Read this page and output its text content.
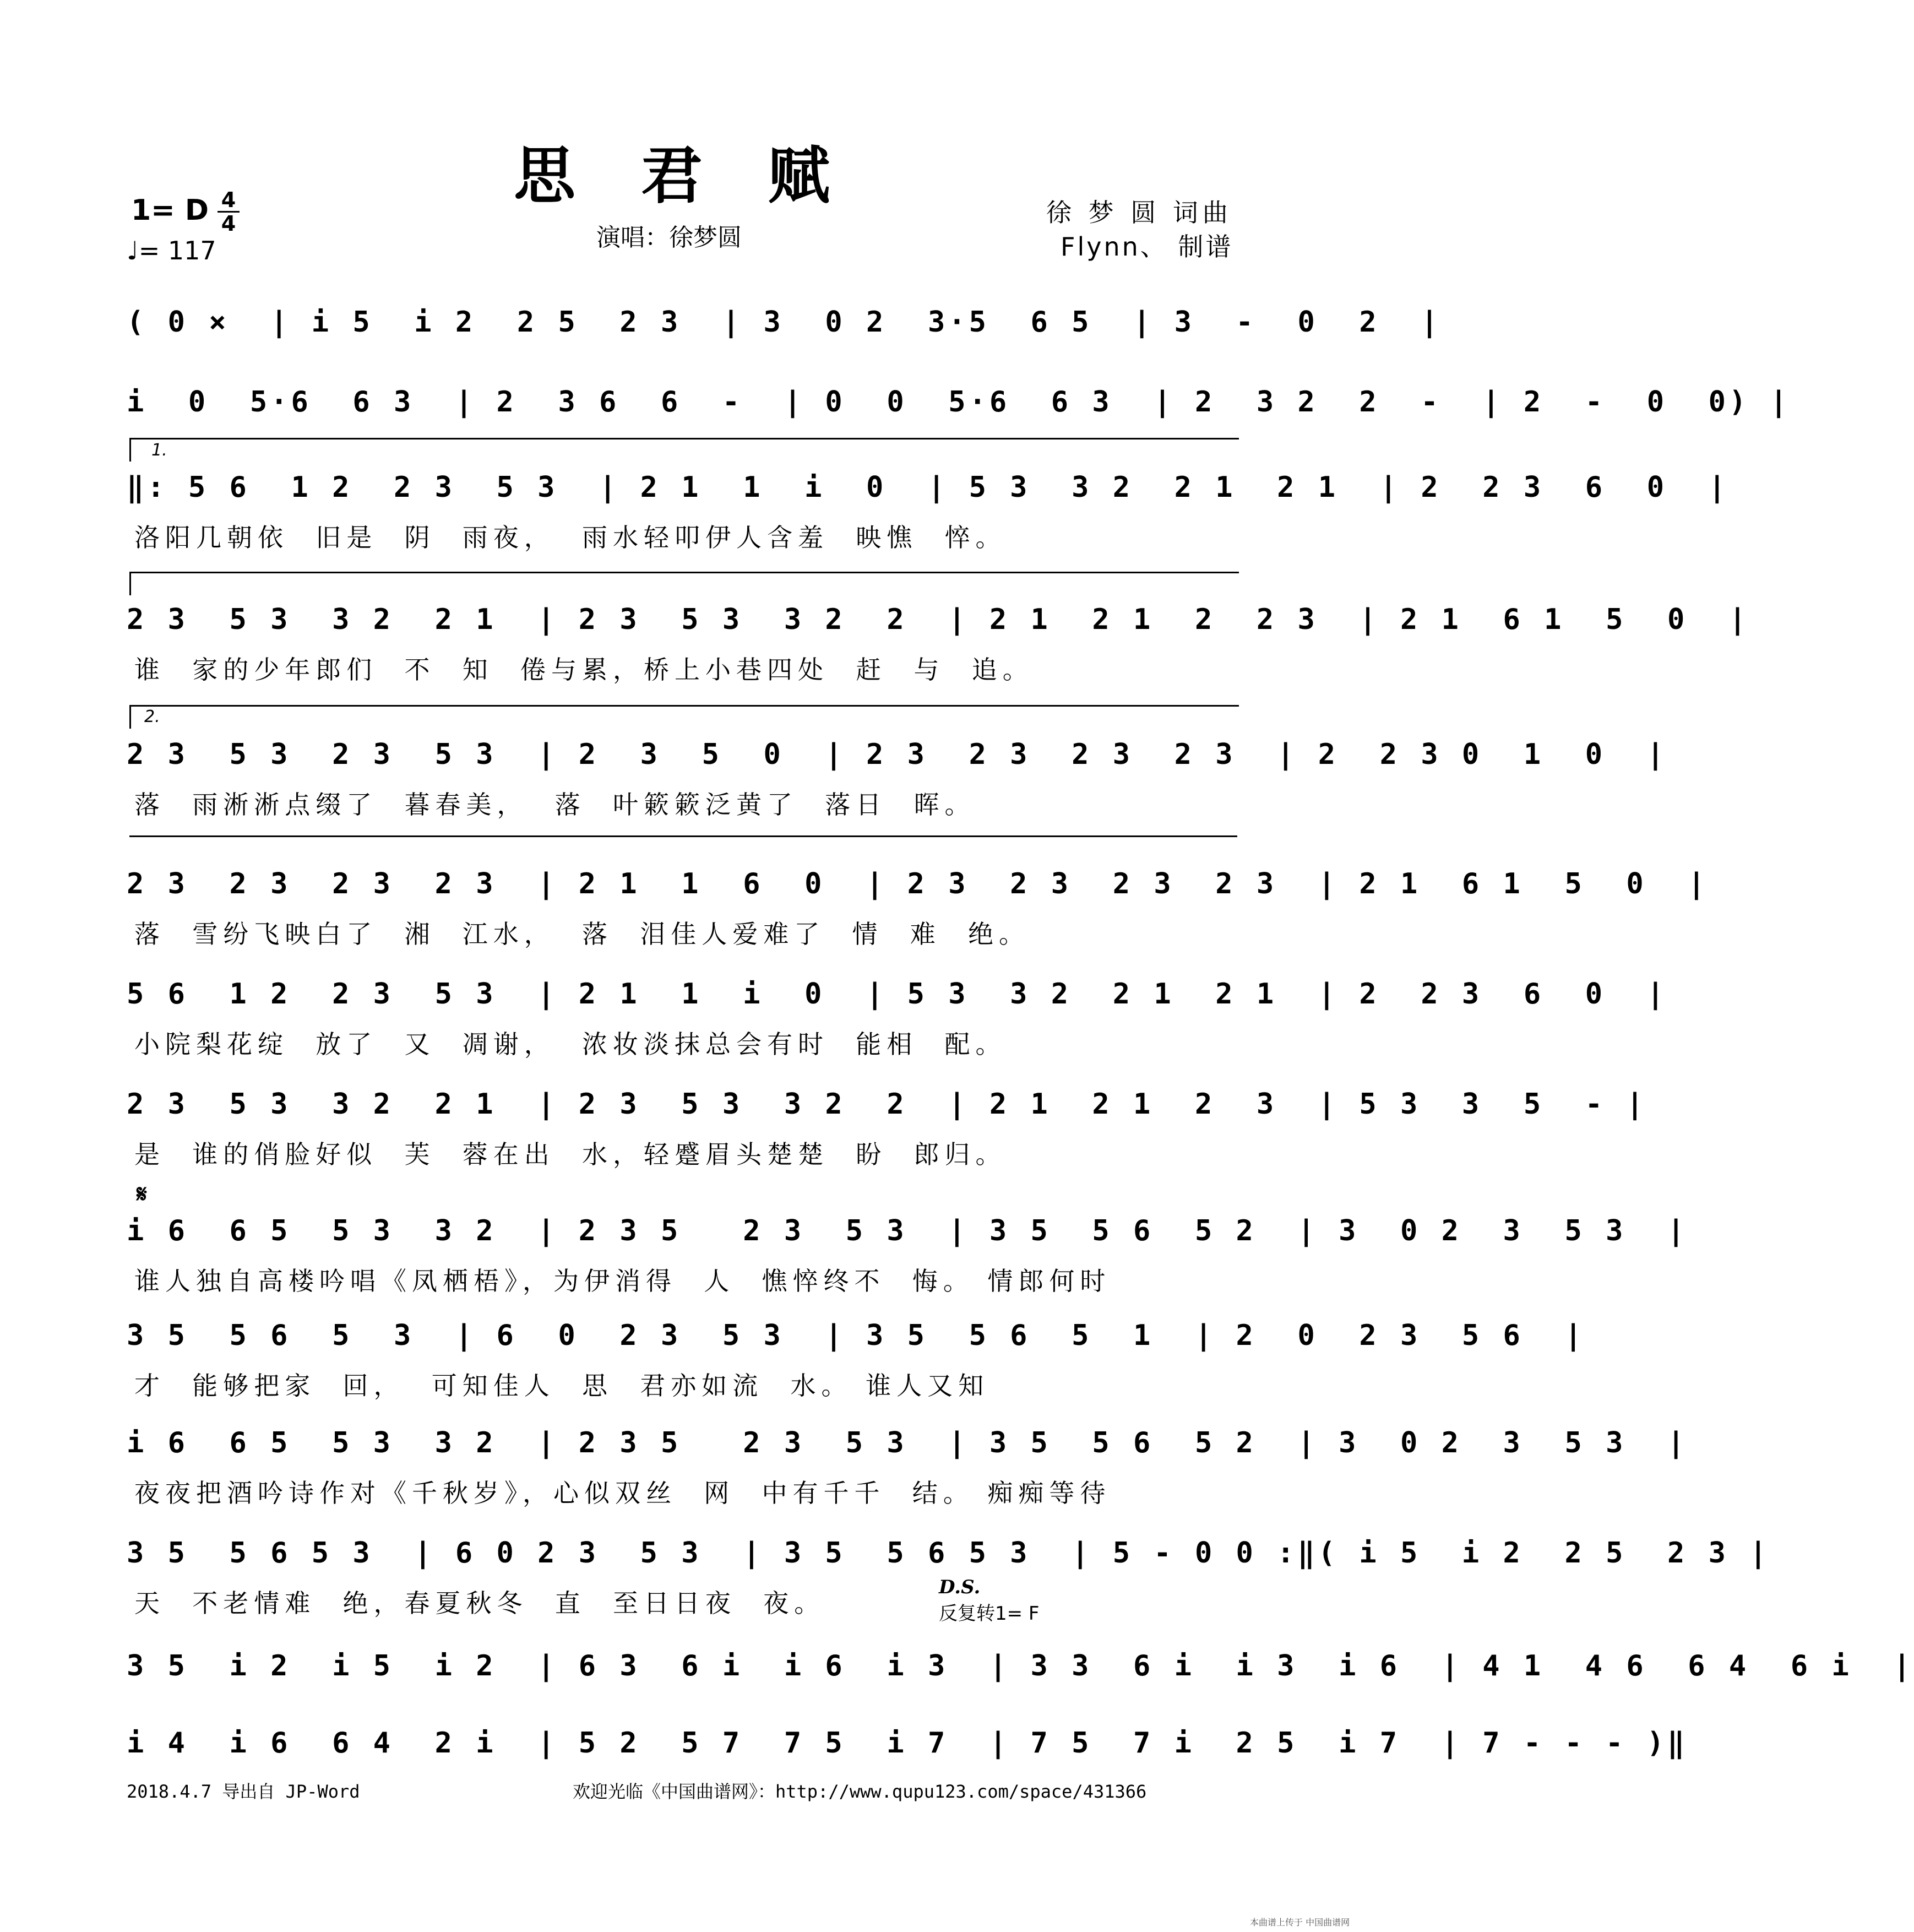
思 君 赋
1= D 4
4
♩= 117	演唱：徐梦圆
徐 梦 圆 词曲
Flynn、 制谱
( 0 ×  | i 5  i 2  2 5  2 3  | 3  0 2  3·5  6 5  | 3  -  0  2  |
i  0  5·6  6 3  | 2  3 6  6  -  | 0  0  5·6  6 3  | 2  3 2  2  -  | 2  -  0  0) |
‖: 5 6  1 2  2 3  5 3  | 2 1  1  i  0  | 5 3  3 2  2 1  2 1  | 2  2 3  6  0  |
洛阳几朝依  旧是  阴  雨夜，  雨水轻叩伊人含羞  映憔  悴。
2 3  5 3  3 2  2 1  | 2 3  5 3  3 2  2  | 2 1  2 1  2  2 3  | 2 1  6 1  5  0  |
谁  家的少年郎们  不  知  倦与累，桥上小巷四处  赶  与  追。
2 3  5 3  2 3  5 3  | 2  3  5  0  | 2 3  2 3  2 3  2 3  | 2  2 3 0  1  0  |
落  雨淅淅点缀了  暮春美，  落  叶簌簌泛黄了  落日  晖。
2 3  2 3  2 3  2 3  | 2 1  1  6  0  | 2 3  2 3  2 3  2 3  | 2 1  6 1  5  0  |
落  雪纷飞映白了  湘  江水，  落  泪佳人爱难了  情  难  绝。
5 6  1 2  2 3  5 3  | 2 1  1  i  0  | 5 3  3 2  2 1  2 1  | 2  2 3  6  0  |
小院梨花绽  放了  又  凋谢，  浓妆淡抹总会有时  能相  配。
2 3  5 3  3 2  2 1  | 2 3  5 3  3 2  2  | 2 1  2 1  2  3  | 5 3  3  5  - |
是  谁的俏脸好似  芙  蓉在出  水，轻蹙眉头楚楚  盼  郎归。
i 6  6 5  5 3  3 2  | 2 3 5   2 3  5 3  | 3 5  5 6  5 2  | 3  0 2  3  5 3  |
谁人独自高楼吟唱《凤栖梧》，为伊消得  人  憔悴终不  悔。 情郎何时
3 5  5 6  5  3  | 6  0  2 3  5 3  | 3 5  5 6  5  1  | 2  0  2 3  5 6  |
才  能够把家  回，  可知佳人  思  君亦如流  水。 谁人又知
i 6  6 5  5 3  3 2  | 2 3 5   2 3  5 3  | 3 5  5 6  5 2  | 3  0 2  3  5 3  |
夜夜把酒吟诗作对《千秋岁》，心似双丝  网  中有千千  结。 痴痴等待
3 5  5 6 5 3  | 6 0 2 3  5 3  | 3 5  5 6 5 3  | 5 - 0 0 :‖( i 5  i 2  2 5  2 3 |
天  不老情难  绝，春夏秋冬  直  至日日夜  夜。
3 5  i 2  i 5  i 2  | 6 3  6 i  i 6  i 3  | 3 3  6 i  i 3  i 6  | 4 1  4 6  6 4  6 i  |
i 4  i 6  6 4  2 i  | 5 2  5 7  7 5  i 7  | 7 5  7 i  2 5  i 7  | 7 - - - )‖
1.
2.
𝄋
D.S.
反复转1= F
2018.4.7 导出自 JP-Word	欢迎光临《中国曲谱网》：http://www.qupu123.com/space/431366
本曲谱上传于 中国曲谱网
